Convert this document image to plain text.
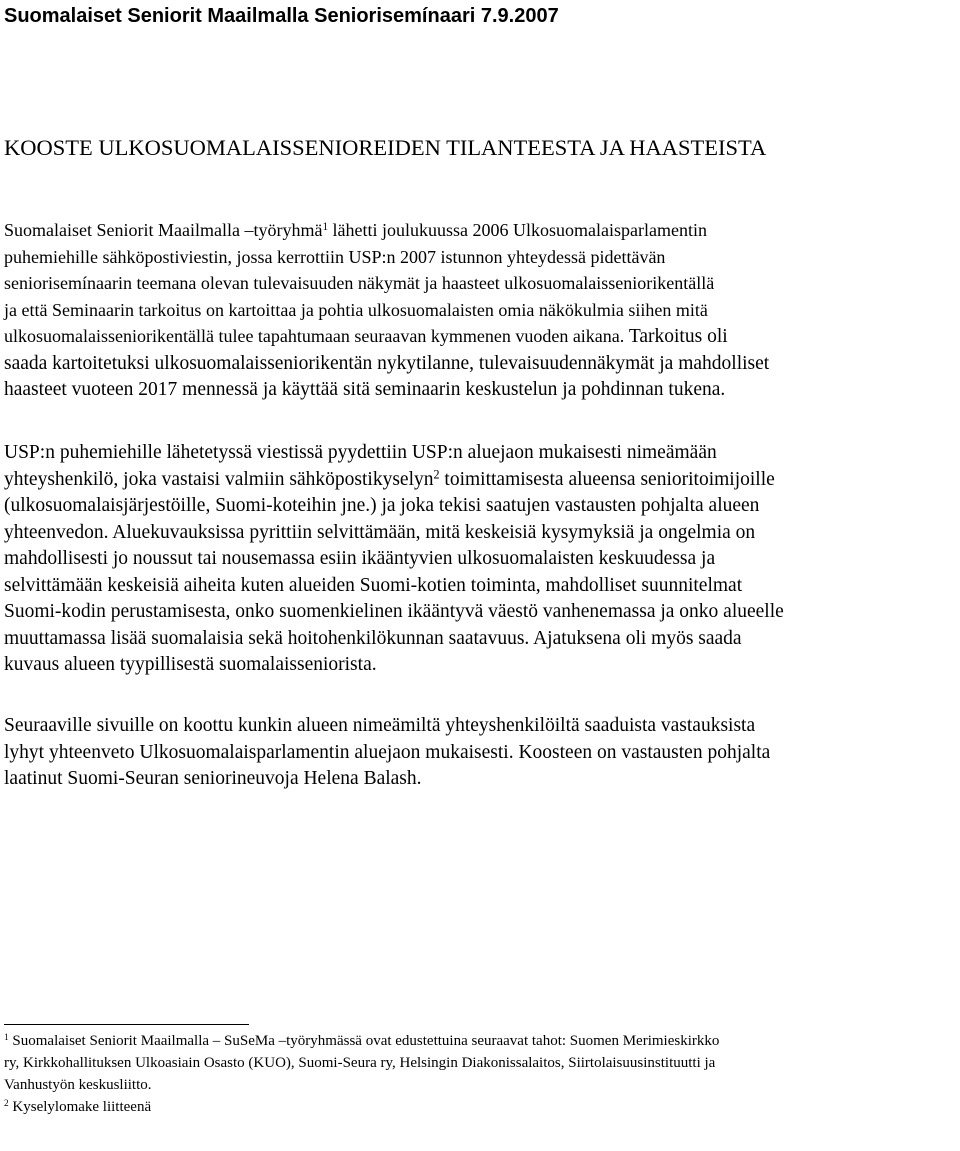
Suomalaiset Seniorit Maailmalla Seniorisemínaari 7.9.2007
KOOSTE ULKOSUOMALAISSENIOREIDEN TILANTEESTA JA HAASTEISTA

Suomalaiset Seniorit Maailmalla –työryhmä$^1$ lähetti joulukuussa 2006 Ulkosuomalaisparlamentin
puhemiehille sähköpostiviestin, jossa kerrottiin USP:n 2007 istunnon yhteydessä pidettävän
seniorisemínaarin teemana olevan tulevaisuuden näkymät ja haasteet ulkosuomalaisseniorikentällä
ja että Seminaarin tarkoitus on kartoittaa ja pohtia ulkosuomalaisten omia näkökulmia siihen mitä
ulkosuomalaisseniorikentällä tulee tapahtumaan seuraavan kymmenen vuoden aikana. Tarkoitus oli
saada kartoitetuksi ulkosuomalaisseniorikentän nykytilanne, tulevaisuudennäkymät ja mahdolliset
haasteet vuoteen 2017 mennessä ja käyttää sitä seminaarin keskustelun ja pohdinnan tukena.

USP:n puhemiehille lähetetyssä viestissä pyydettiin USP:n aluejaon mukaisesti nimeämään
yhteyshenkilö, joka vastaisi valmiin sähköpostikyselyn$^2$ toimittamisesta alueensa senioritoimijoille
(ulkosuomalaisjärjestöille, Suomi-koteihin jne.) ja joka tekisi saatujen vastausten pohjalta alueen
yhteenvedon. Aluekuvauksissa pyrittiin selvittämään, mitä keskeisiä kysymyksiä ja ongelmia on
mahdollisesti jo noussut tai nousemassa esiin ikääntyvien ulkosuomalaisten keskuudessa ja
selvittämään keskeisiä aiheita kuten alueiden Suomi-kotien toiminta, mahdolliset suunnitelmat
Suomi-kodin perustamisesta, onko suomenkielinen ikääntyvä väestö vanhenemassa ja onko alueelle
muuttamassa lisää suomalaisia sekä hoitohenkilökunnan saatavuus. Ajatuksena oli myös saada
kuvaus alueen tyypillisestä suomalaisseniorista.

Seuraaville sivuille on koottu kunkin alueen nimeämiltä yhteyshenkilöiltä saaduista vastauksista
lyhyt yhteenveto Ulkosuomalaisparlamentin aluejaon mukaisesti. Koosteen on vastausten pohjalta
laatinut Suomi-Seuran seniorineuvoja Helena Balash.

$^1$ Suomalaiset Seniorit Maailmalla – SuSeMa –työryhmässä ovat edustettuina seuraavat tahot: Suomen Merimieskirkko
ry, Kirkkohallituksen Ulkoasiain Osasto (KUO), Suomi-Seura ry, Helsingin Diakonissalaitos, Siirtolaisuusinstituutti ja
Vanhustyön keskusliitto.
$^2$ Kyselylomake liitteenä
